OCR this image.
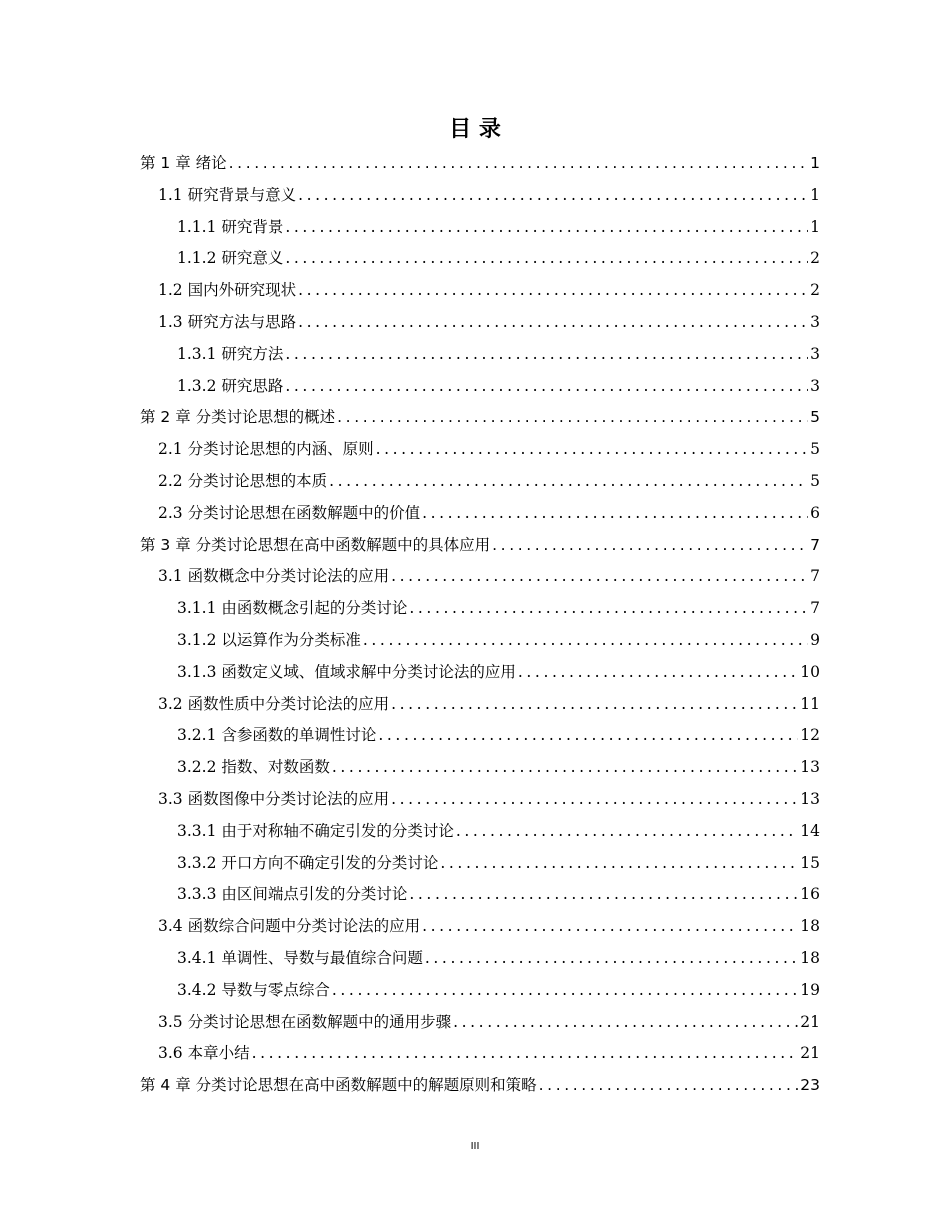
目 录
第 1 章 绪论 .....	1
1.1 研究背景与意义 .....	1
1.1.1 研究背景 .....	1
1.1.2 研究意义 .....	2
1.2 国内外研究现状 .....	2
1.3 研究方法与思路 .....	3
1.3.1 研究方法 .....	3
1.3.2 研究思路 .....	3
第 2 章 分类讨论思想的概述 .....	5
2.1 分类讨论思想的内涵、原则 .....	5
2.2 分类讨论思想的本质 .....	5
2.3 分类讨论思想在函数解题中的价值 .....	6
第 3 章 分类讨论思想在高中函数解题中的具体应用 .....	7
3.1 函数概念中分类讨论法的应用 .....	7
3.1.1 由函数概念引起的分类讨论 .....	7
3.1.2 以运算作为分类标准 .....	9
3.1.3 函数定义域、值域求解中分类讨论法的应用 .....	10
3.2 函数性质中分类讨论法的应用 .....	11
3.2.1 含参函数的单调性讨论 .....	12
3.2.2 指数、对数函数 .....	13
3.3 函数图像中分类讨论法的应用 .....	13
3.3.1 由于对称轴不确定引发的分类讨论 .....	14
3.3.2 开口方向不确定引发的分类讨论 .....	15
3.3.3 由区间端点引发的分类讨论 .....	16
3.4 函数综合问题中分类讨论法的应用 .....	18
3.4.1 单调性、导数与最值综合问题 .....	18
3.4.2 导数与零点综合 .....	19
3.5 分类讨论思想在函数解题中的通用步骤 .....	21
3.6 本章小结 .....	21
第 4 章 分类讨论思想在高中函数解题中的解题原则和策略 .....	23
III
